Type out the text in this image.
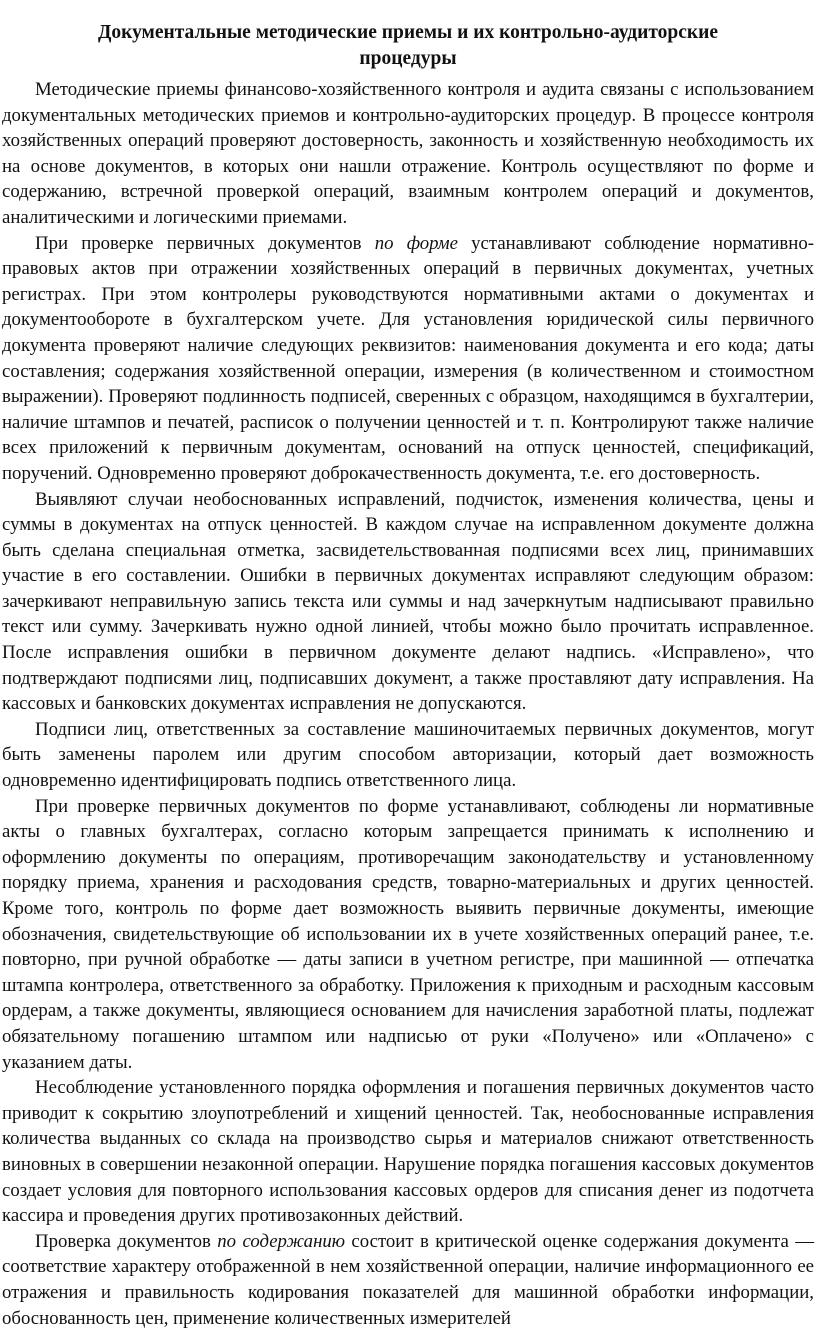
Документальные методические приемы и их контрольно-аудиторские процедуры

Методические приемы финансово-хозяйственного контроля и аудита связаны с использованием документальных методических приемов и контрольно-аудиторских процедур. В процессе контроля хозяйственных операций проверяют достоверность, законность и хозяйственную необходимость их на основе документов, в которых они нашли отражение. Контроль осуществляют по форме и содержанию, встречной проверкой операций, взаимным контролем операций и документов, аналитическими и логическими приемами.

При проверке первичных документов по форме устанавливают соблюдение нормативно-правовых актов при отражении хозяйственных операций в первичных документах, учетных регистрах. При этом контролеры руководствуются нормативными актами о документах и документообороте в бухгалтерском учете. Для установления юридической силы первичного документа проверяют наличие следующих реквизитов: наименования документа и его кода; даты составления; содержания хозяйственной операции, измерения (в количественном и стоимостном выражении). Проверяют подлинность подписей, сверенных с образцом, находящимся в бухгалтерии, наличие штампов и печатей, расписок о получении ценностей и т. п. Контролируют также наличие всех приложений к первичным документам, оснований на отпуск ценностей, спецификаций, поручений. Одновременно проверяют доброкачественность документа, т.е. его достоверность.

Выявляют случаи необоснованных исправлений, подчисток, изменения количества, цены и суммы в документах на отпуск ценностей. В каждом случае на исправленном документе должна быть сделана специальная отметка, засвидетельствованная подписями всех лиц, принимавших участие в его составлении. Ошибки в первичных документах исправляют следующим образом: зачеркивают неправильную запись текста или суммы и над зачеркнутым надписывают правильно текст или сумму. Зачеркивать нужно одной линией, чтобы можно было прочитать исправленное. После исправления ошибки в первичном документе делают надпись. «Исправлено», что подтверждают подписями лиц, подписавших документ, а также проставляют дату исправления. На кассовых и банковских документах исправления не допускаются.

Подписи лиц, ответственных за составление машиночитаемых первичных документов, могут быть заменены паролем или другим способом авторизации, который дает возможность одновременно идентифицировать подпись ответственного лица.

При проверке первичных документов по форме устанавливают, соблюдены ли нормативные акты о главных бухгалтерах, согласно которым запрещается принимать к исполнению и оформлению документы по операциям, противоречащим законодательству и установленному порядку приема, хранения и расходования средств, товарно-материальных и других ценностей. Кроме того, контроль по форме дает возможность выявить первичные документы, имеющие обозначения, свидетельствующие об использовании их в учете хозяйственных операций ранее, т.е. повторно, при ручной обработке — даты записи в учетном регистре, при машинной — отпечатка штампа контролера, ответственного за обработку. Приложения к приходным и расходным кассовым ордерам, а также документы, являющиеся основанием для начисления заработной платы, подлежат обязательному погашению штампом или надписью от руки «Получено» или «Оплачено» с указанием даты.

Несоблюдение установленного порядка оформления и погашения первичных документов часто приводит к сокрытию злоупотреблений и хищений ценностей. Так, необоснованные исправления количества выданных со склада на производство сырья и материалов снижают ответственность виновных в совершении незаконной операции. Нарушение порядка погашения кассовых документов создает условия для повторного использования кассовых ордеров для списания денег из подотчета кассира и проведения других противозаконных действий.

Проверка документов по содержанию состоит в критической оценке содержания документа — соответствие характеру отображенной в нем хозяйственной операции, наличие информационного ее отражения и правильность кодирования показателей для машинной обработки информации, обоснованность цен, применение количественных измерителей
